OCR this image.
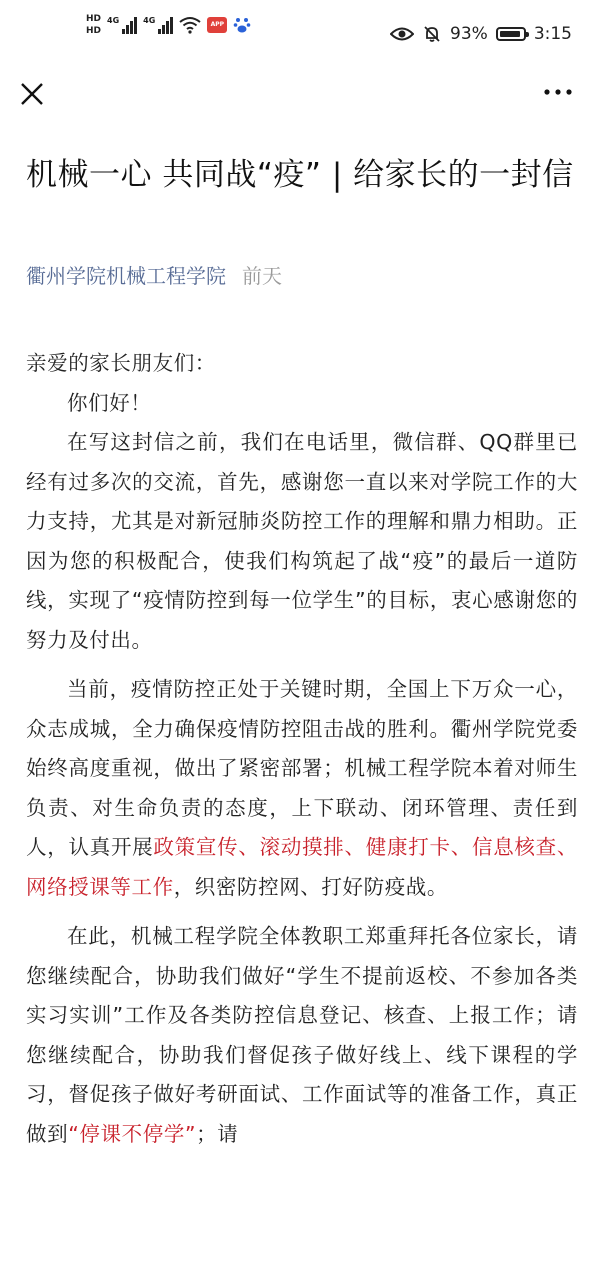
HD
HD
4G	4G	APP	93%	3:15
机械一心 共同战“疫” | 给家长的一封信
衢州学院机械工程学院 前天

亲爱的家长朋友们：

你们好！

在写这封信之前，我们在电话里，微信群、QQ群里已经有过多次的交流，首先，感谢您一直以来对学院工作的大力支持，尤其是对新冠肺炎防控工作的理解和鼎力相助。正因为您的积极配合，使我们构筑起了战“疫”的最后一道防线，实现了“疫情防控到每一位学生”的目标，衷心感谢您的努力及付出。

当前，疫情防控正处于关键时期，全国上下万众一心，众志成城，全力确保疫情防控阻击战的胜利。衢州学院党委始终高度重视，做出了紧密部署；机械工程学院本着对师生负责、对生命负责的态度，上下联动、闭环管理、责任到人，认真开展政策宣传、滚动摸排、健康打卡、信息核查、网络授课等工作，织密防控网、打好防疫战。

在此，机械工程学院全体教职工郑重拜托各位家长，请您继续配合，协助我们做好“学生不提前返校、不参加各类实习实训”工作及各类防控信息登记、核查、上报工作；请您继续配合，协助我们督促孩子做好线上、线下课程的学习，督促孩子做好考研面试、工作面试等的准备工作，真正做到“停课不停学”；请
